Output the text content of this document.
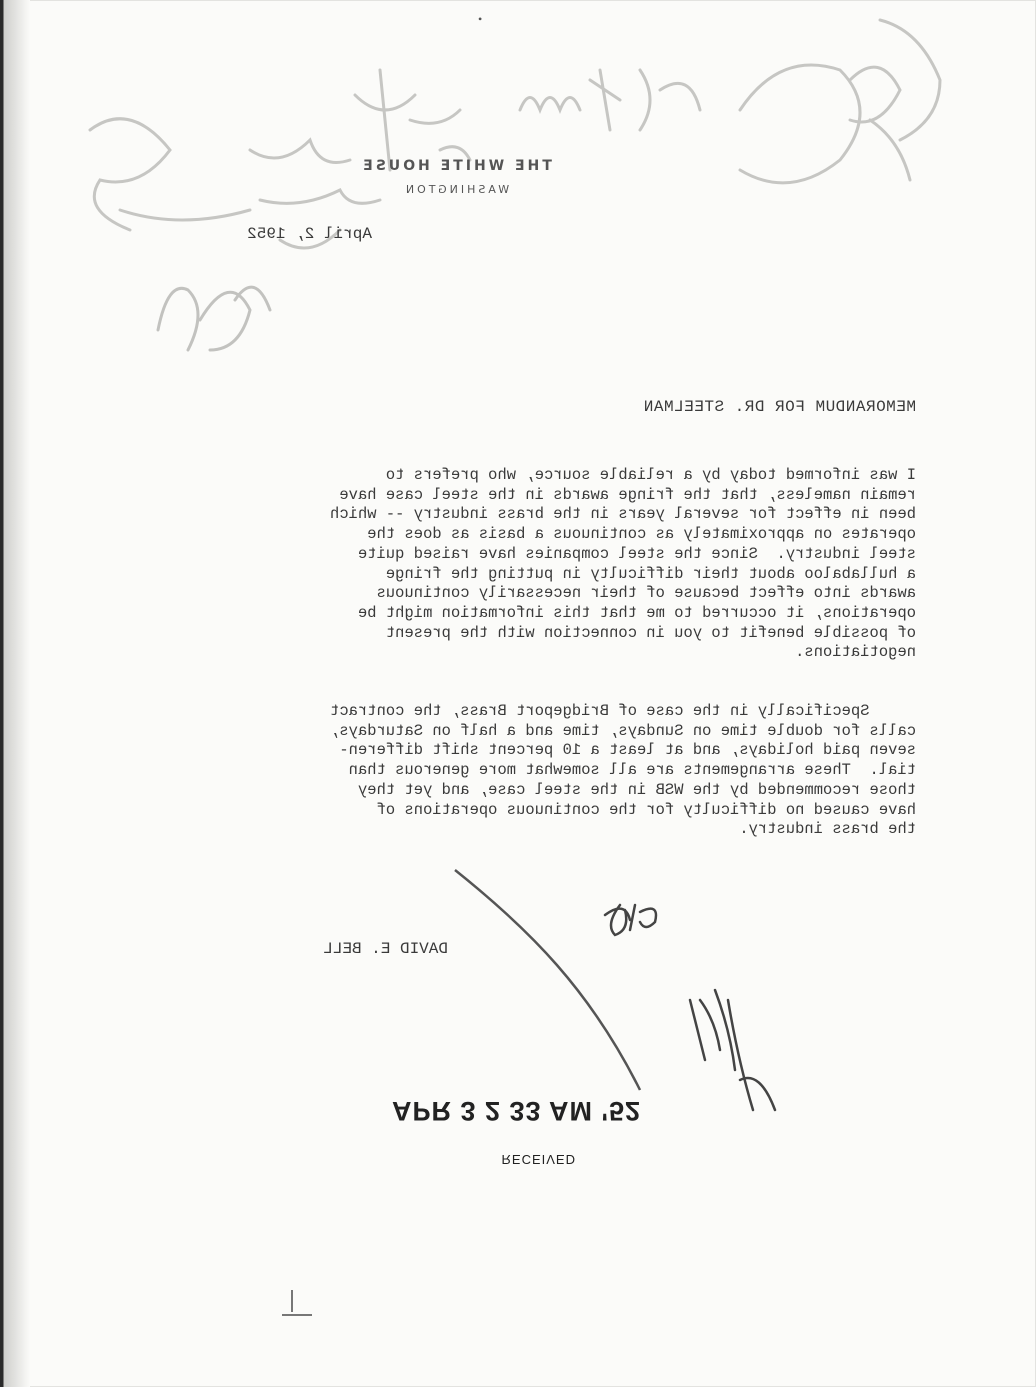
•
THE WHITE HOUSE
WASHINGTON
April 2, 1952
MEMORANDUM FOR DR. STEELMAN

I was informed today by a reliable source, who prefers to
remain nameless, that the fringe awards in the steel case have
been in effect for several years in the brass industry -- which
operates on approximately as continuous a basis as does the
steel industry.  Since the steel companies have raised quite
a hullabaloo about their difficulty in putting the fringe
awards into effect because of their necessarily continuous
operations, it occurred to me that this information might be
of possible benefit to you in connection with the present
negotiations.

Specifically in the case of Bridgeport Brass, the contract
calls for double time on Sundays, time and a half on Saturdays,
seven paid holidays, and at least a 10 percent shift differen-
tial.  These arrangements are all somewhat more generous than
those recommended by the WSB in the steel case, and yet they
have caused no difficulty for the continuous operations of
the brass industry.

DAVID E. BELL
APR 3 2 33 AM '52
RECEIVED
